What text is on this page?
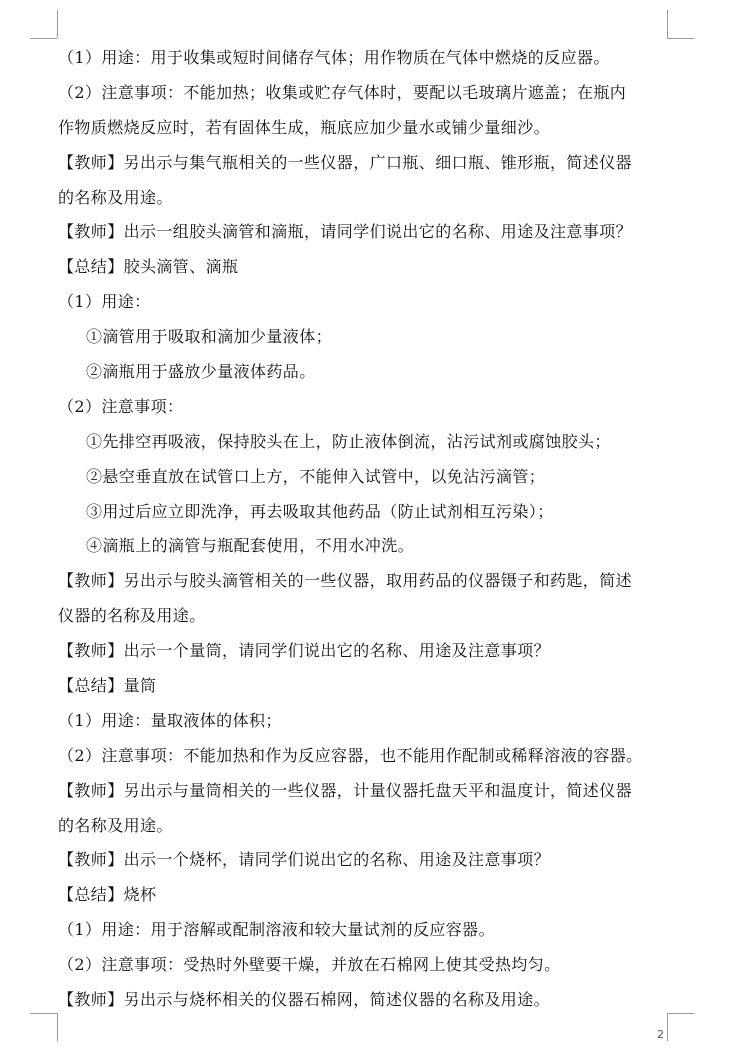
（1）用途：用于收集或短时间储存气体；用作物质在气体中燃烧的反应器。
（2）注意事项：不能加热；收集或贮存气体时，要配以毛玻璃片遮盖；在瓶内
作物质燃烧反应时，若有固体生成，瓶底应加少量水或铺少量细沙。
【教师】另出示与集气瓶相关的一些仪器，广口瓶、细口瓶、锥形瓶，简述仪器
的名称及用途。
【教师】出示一组胶头滴管和滴瓶，请同学们说出它的名称、用途及注意事项？
【总结】胶头滴管、滴瓶
（1）用途：
①滴管用于吸取和滴加少量液体；
②滴瓶用于盛放少量液体药品。
（2）注意事项：
①先排空再吸液，保持胶头在上，防止液体倒流，沾污试剂或腐蚀胶头；
②悬空垂直放在试管口上方，不能伸入试管中，以免沾污滴管；
③用过后应立即洗净，再去吸取其他药品（防止试剂相互污染）；
④滴瓶上的滴管与瓶配套使用，不用水冲洗。
【教师】另出示与胶头滴管相关的一些仪器，取用药品的仪器镊子和药匙，简述
仪器的名称及用途。
【教师】出示一个量筒，请同学们说出它的名称、用途及注意事项？
【总结】量筒
（1）用途：量取液体的体积；
（2）注意事项：不能加热和作为反应容器，也不能用作配制或稀释溶液的容器。
【教师】另出示与量筒相关的一些仪器，计量仪器托盘天平和温度计，简述仪器
的名称及用途。
【教师】出示一个烧杯，请同学们说出它的名称、用途及注意事项？
【总结】烧杯
（1）用途：用于溶解或配制溶液和较大量试剂的反应容器。
（2）注意事项：受热时外壁要干燥，并放在石棉网上使其受热均匀。
【教师】另出示与烧杯相关的仪器石棉网，简述仪器的名称及用途。
2
